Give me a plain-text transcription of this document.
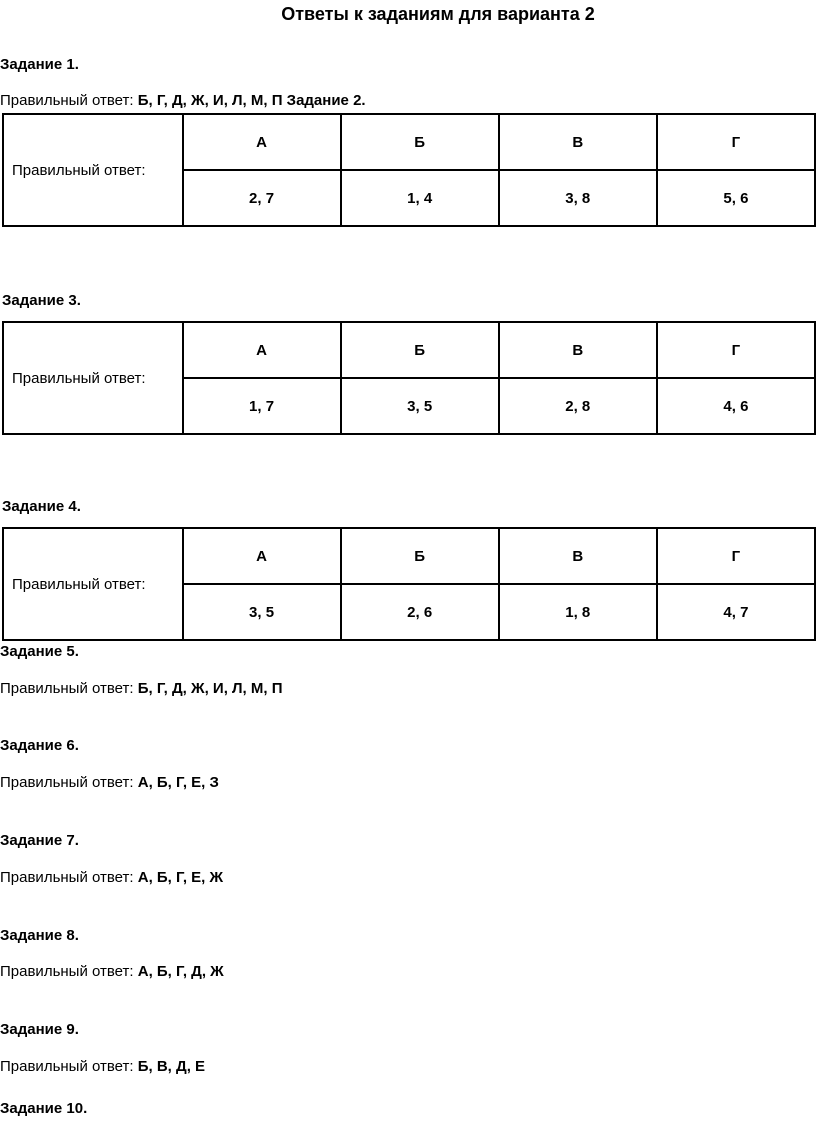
Ответы к заданиям для варианта 2
Задание 1.
Правильный ответ: Б, Г, Д, Ж, И, Л, М, П Задание 2.
Правильный ответ:	А	Б	В	Г
	2, 7	1, 4	3, 8	5, 6
Задание 3.
Правильный ответ:	А	Б	В	Г
	1, 7	3, 5	2, 8	4, 6
Задание 4.
Правильный ответ:	А	Б	В	Г
	3, 5	2, 6	1, 8	4, 7
Задание 5.
Правильный ответ: Б, Г, Д, Ж, И, Л, М, П
Задание 6.
Правильный ответ: А, Б, Г, Е, З
Задание 7.
Правильный ответ: А, Б, Г, Е, Ж
Задание 8.
Правильный ответ: А, Б, Г, Д, Ж
Задание 9.
Правильный ответ: Б, В, Д, Е
Задание 10.
